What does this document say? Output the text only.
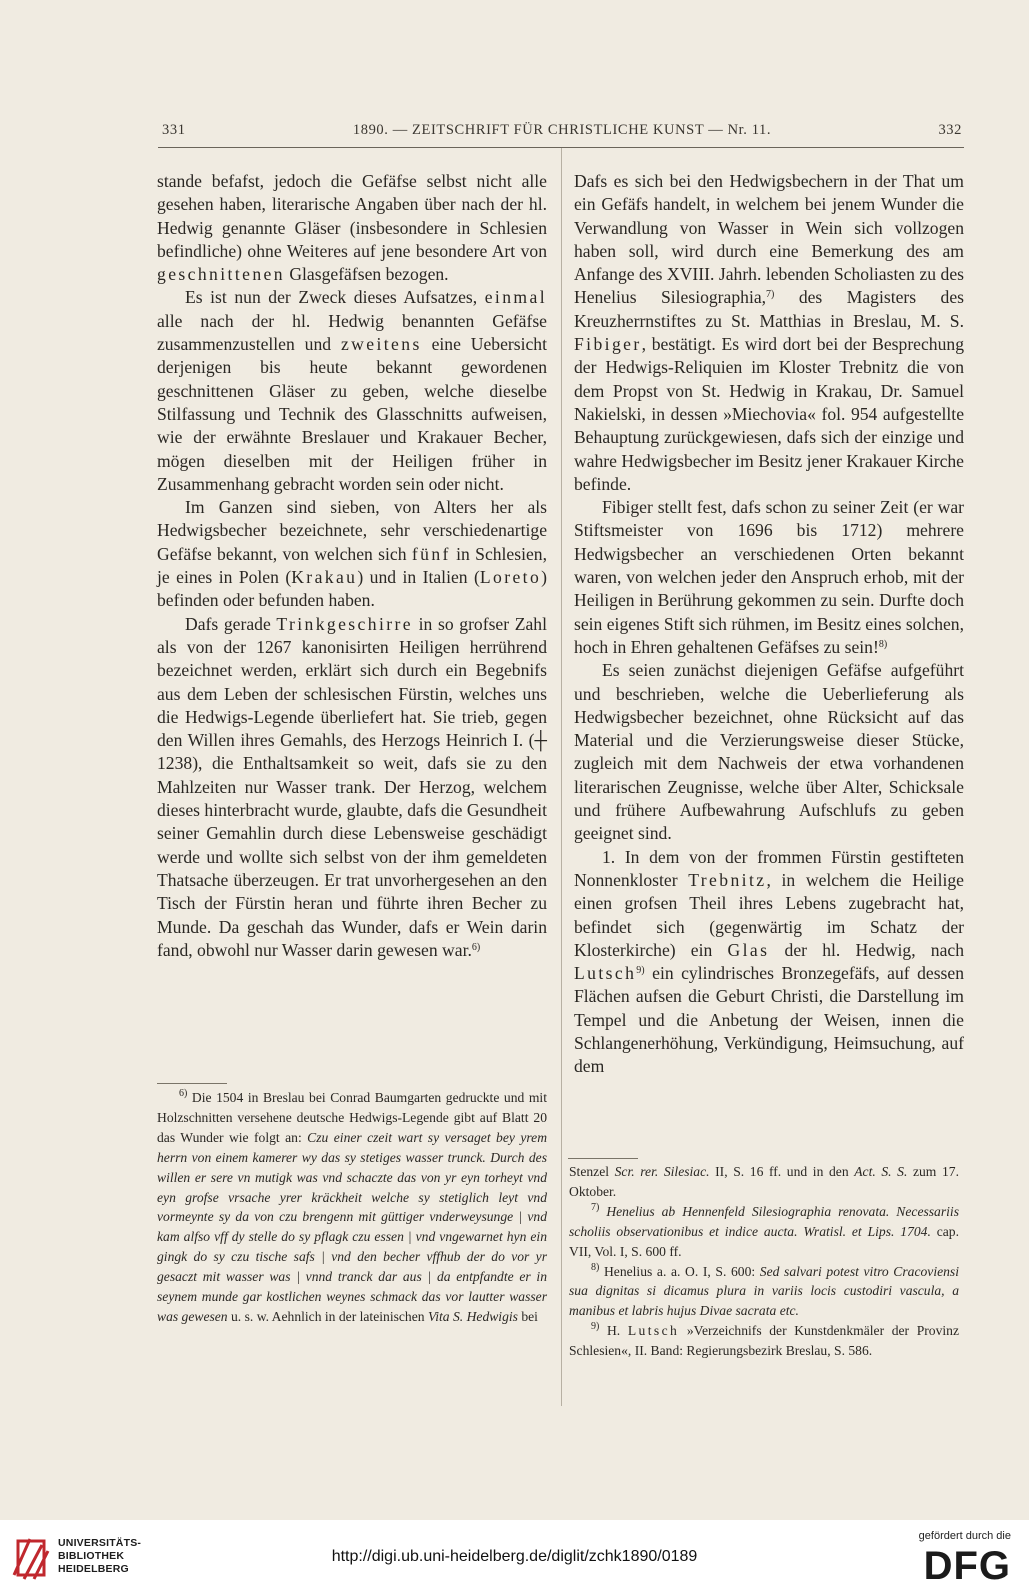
331	1890. — ZEITSCHRIFT FÜR CHRISTLICHE KUNST — Nr. 11.	332

stande befafst, jedoch die Gefäfse selbst nicht alle gesehen haben, literarische Angaben über nach der hl. Hedwig genannte Gläser (insbesondere in Schlesien befindliche) ohne Weiteres auf jene besondere Art von geschnittenen Glasgefäfsen bezogen.

Es ist nun der Zweck dieses Aufsatzes, einmal alle nach der hl. Hedwig benannten Gefäfse zusammenzustellen und zweitens eine Uebersicht derjenigen bis heute bekannt gewordenen geschnittenen Gläser zu geben, welche dieselbe Stilfassung und Technik des Glasschnitts aufweisen, wie der erwähnte Breslauer und Krakauer Becher, mögen dieselben mit der Heiligen früher in Zusammenhang gebracht worden sein oder nicht.

Im Ganzen sind sieben, von Alters her als Hedwigsbecher bezeichnete, sehr verschiedenartige Gefäfse bekannt, von welchen sich fünf in Schlesien, je eines in Polen (Krakau) und in Italien (Loreto) befinden oder befunden haben.

Dafs gerade Trinkgeschirre in so grofser Zahl als von der 1267 kanonisirten Heiligen herrührend bezeichnet werden, erklärt sich durch ein Begebnifs aus dem Leben der schlesischen Fürstin, welches uns die Hedwigs-Legende überliefert hat. Sie trieb, gegen den Willen ihres Gemahls, des Herzogs Heinrich I. (┼ 1238), die Enthaltsamkeit so weit, dafs sie zu den Mahlzeiten nur Wasser trank. Der Herzog, welchem dieses hinterbracht wurde, glaubte, dafs die Gesundheit seiner Gemahlin durch diese Lebensweise geschädigt werde und wollte sich selbst von der ihm gemeldeten Thatsache überzeugen. Er trat unvorhergesehen an den Tisch der Fürstin heran und führte ihren Becher zu Munde. Da geschah das Wunder, dafs er Wein darin fand, obwohl nur Wasser darin gewesen war.$^{6)}$

$^{6)}$ Die 1504 in Breslau bei Conrad Baumgarten gedruckte und mit Holzschnitten versehene deutsche Hedwigs-Legende gibt auf Blatt 20 das Wunder wie folgt an: Czu einer czeit wart sy versaget bey yrem herrn von einem kamerer wy das sy stetiges wasser trunck. Durch des willen er sere vn mutigk was vnd schaczte das von yr eyn torheyt vnd eyn grofse vrsache yrer kräckheit welche sy stetiglich leyt vnd vormeynte sy da von czu brengenn mit güttiger vnderweysunge | vnd kam alfso vff dy stelle do sy pflagk czu essen | vnd vngewarnet hyn ein gingk do sy czu tische safs | vnd den becher vffhub der do vor yr gesaczt mit wasser was | vnnd tranck dar aus | da entpfandte er in seynem munde gar kostlichen weynes schmack das vor lautter wasser was gewesen u. s. w. Aehnlich in der lateinischen Vita S. Hedwigis bei

Dafs es sich bei den Hedwigsbechern in der That um ein Gefäfs handelt, in welchem bei jenem Wunder die Verwandlung von Wasser in Wein sich vollzogen haben soll, wird durch eine Bemerkung des am Anfange des XVIII. Jahrh. lebenden Scholiasten zu des Henelius Silesiographia,$^{7)}$ des Magisters des Kreuzherrnstiftes zu St. Matthias in Breslau, M. S. Fibiger, bestätigt. Es wird dort bei der Besprechung der Hedwigs-Reliquien im Kloster Trebnitz die von dem Propst von St. Hedwig in Krakau, Dr. Samuel Nakielski, in dessen »Miechovia« fol. 954 aufgestellte Behauptung zurückgewiesen, dafs sich der einzige und wahre Hedwigsbecher im Besitz jener Krakauer Kirche befinde.

Fibiger stellt fest, dafs schon zu seiner Zeit (er war Stiftsmeister von 1696 bis 1712) mehrere Hedwigsbecher an verschiedenen Orten bekannt waren, von welchen jeder den Anspruch erhob, mit der Heiligen in Berührung gekommen zu sein. Durfte doch sein eigenes Stift sich rühmen, im Besitz eines solchen, hoch in Ehren gehaltenen Gefäfses zu sein!$^{8)}$

Es seien zunächst diejenigen Gefäfse aufgeführt und beschrieben, welche die Ueberlieferung als Hedwigsbecher bezeichnet, ohne Rücksicht auf das Material und die Verzierungsweise dieser Stücke, zugleich mit dem Nachweis der etwa vorhandenen literarischen Zeugnisse, welche über Alter, Schicksale und frühere Aufbewahrung Aufschlufs zu geben geeignet sind.

1. In dem von der frommen Fürstin gestifteten Nonnenkloster Trebnitz, in welchem die Heilige einen grofsen Theil ihres Lebens zugebracht hat, befindet sich (gegenwärtig im Schatz der Klosterkirche) ein Glas der hl. Hedwig, nach Lutsch$^{9)}$ ein cylindrisches Bronzegefäfs, auf dessen Flächen aufsen die Geburt Christi, die Darstellung im Tempel und die Anbetung der Weisen, innen die Schlangenerhöhung, Verkündigung, Heimsuchung, auf dem

Stenzel Scr. rer. Silesiac. II, S. 16 ff. und in den Act. S. S. zum 17. Oktober.

$^{7)}$ Henelius ab Hennenfeld Silesiographia renovata. Necessariis scholiis observationibus et indice aucta. Wratisl. et Lips. 1704. cap. VII, Vol. I, S. 600 ff.

$^{8)}$ Henelius a. a. O. I, S. 600: Sed salvari potest vitro Cracoviensi sua dignitas si dicamus plura in variis locis custodiri vascula, a manibus et labris hujus Divae sacrata etc.

$^{9)}$ H. Lutsch »Verzeichnifs der Kunstdenkmäler der Provinz Schlesien«, II. Band: Regierungsbezirk Breslau, S. 586.

UNIVERSITÄTS-
BIBLIOTHEK
HEIDELBERG
http://digi.ub.uni-heidelberg.de/diglit/zchk1890/0189
gefördert durch die
DFG
